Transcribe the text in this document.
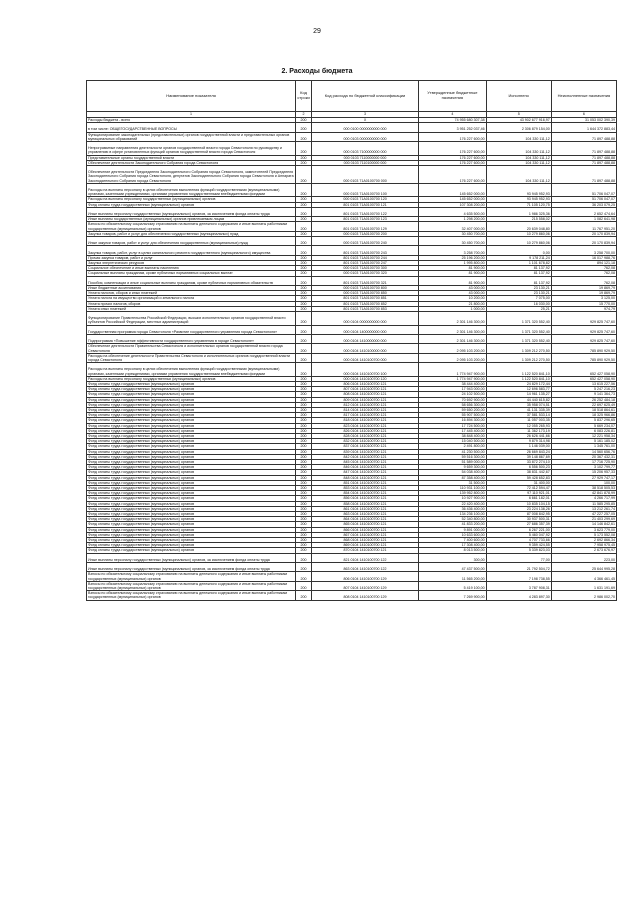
29
2. Расходы бюджета
Наименование показателя	Код строки	Код расхода по бюджетной классификации	Утвержденные бюджетные назначения	Исполнено	Неисполненные назначения
1	2	3	4	5	6
Расходы бюджета - всего	200	X	74 955 680 307,38	43 902 677 916,97	31 053 002 390,39
в том числе: ОБЩЕГОСУДАРСТВЕННЫЕ ВОПРОСЫ	200	000 0100 0000000000 000	3 951 252 037,46	2 306 879 154,00	1 644 372 883,44
Функционирование законодательных (представительных) органов государственной власти и представительных органов муниципальных образований	200	000 0103 0000000000 000	176 227 600,00	104 330 111,12	71 897 488,88
Непрограммные направления деятельности органов государственной власти города Севастополя по руководству и управлению в сфере установленных функций органов государственной власти города Севастополя	200	000 0103 7100000000 000	176 227 600,00	104 330 111,12	71 897 488,88
Представительные органы государственной власти	200	000 0103 7110000000 000	176 227 600,00	104 330 111,12	71 897 488,88
Обеспечение деятельности Законодательного Собрания города Севастополя	200	000 0103 7110100000 000	176 227 600,00	104 330 111,12	71 897 488,88
Обеспечение деятельности Председателя Законодательного Собрания города Севастополя, заместителей Председателя Законодательного Собрания города Севастополя, депутатов Законодательного Собрания города Севастополя и Аппарата Законодательного Собрания города Севастополя	200	000 0103 71А0100700 000	176 227 600,00	104 330 111,12	71 897 488,88
Расходы на выплаты персоналу в целях обеспечения выполнения функций государственными (муниципальными) органами, казенными учреждениями, органами управления государственными внебюджетными фондами	200	000 0103 71А0100700 100	145 652 000,00	93 945 952,93	51 706 047,07
Расходы на выплаты персоналу государственных (муниципальных) органов	200	000 0103 71А0100700 120	145 652 000,00	93 945 952,93	51 706 047,07
Фонд оплаты труда государственных (муниципальных) органов	200	801 0103 71А0100700 121	107 308 200,00	71 105 120,75	36 203 079,25
Иные выплаты персоналу государственных (муниципальных) органов, за исключением фонда оплаты труда	200	801 0103 71А0100700 122	4 635 500,00	1 986 325,36	2 652 474,64
Иные выплаты государственных (муниципальных) органов привлекаемым лицам	200	801 0103 71А0100700 123	1 298 200,00	215 558,02	1 082 641,98
Взносы по обязательному социальному страхованию на выплаты денежного содержания и иные выплаты работникам государственных (муниципальных) органов	200	801 0103 71А0100700 129	32 407 000,00	20 639 048,80	11 767 951,20
Закупка товаров, работ и услуг для обеспечения государственных (муниципальных) нужд	200	000 0103 71А0100700 200	30 450 700,00	10 279 860,06	20 170 839,94
Иные закупки товаров, работ и услуг для обеспечения государственных (муниципальных) нужд	200	000 0103 71А0100700 240	30 450 700,00	10 279 860,06	20 170 839,94
Закупка товаров, работ, услуг в целях капитального ремонта государственного (муниципального) имущества	200	801 0103 71А0100700 243	3 258 700,00	0,00	3 258 700,00
Прочая закупка товаров, работ и услуг	200	801 0103 71А0100700 244	25 196 200,00	9 178 211,24	16 017 988,76
Закупка энергетических ресурсов	200	801 0103 71А0100700 247	1 995 800,00	1 101 678,82	894 121,18
Социальное обеспечение и иные выплаты населению	200	000 0103 71А0100700 300	81 900,00	81 137,92	762,08
Социальные выплаты гражданам, кроме публичных нормативных социальных выплат	200	000 0103 71А0100700 320	81 900,00	81 137,92	762,08
Пособия, компенсации и иные социальные выплаты гражданам, кроме публичных нормативных обязательств	200	801 0103 71А0100700 321	81 900,00	81 137,92	762,08
Иные бюджетные ассигнования	200	000 0103 71А0100700 800	43 000,00	23 130,21	19 869,79
Уплата налогов, сборов и иных платежей	200	000 0103 71А0100700 850	43 000,00	23 130,21	19 869,79
Уплата налога на имущество организаций и земельного налога	200	801 0103 71А0100700 851	10 200,00	7 075,00	3 125,00
Уплата прочих налогов, сборов	200	801 0103 71А0100700 852	21 800,00	16 030,00	15 770,00
Уплата иных платежей	200	801 0103 71А0100700 853	1 000,00	25,21	974,79
Функционирование Правительства Российской Федерации, высших исполнительных органов государственной власти субъектов Российской Федерации, местных администраций	200	000 0104 0000000000 000	2 301 146 300,00	1 371 320 552,40	929 825 747,60
Государственная программа города Севастополя «Развитие государственного управления города Севастополя»	200	000 0104 1400000000 000	2 301 146 300,00	1 371 320 552,40	929 825 747,60
Подпрограмма «Повышение эффективности государственного управления в городе Севастополе»	200	000 0104 1410000000 000	2 301 146 300,00	1 371 320 552,40	929 825 747,60
Обеспечение деятельности Правительства Севастополя и исполнительных органов государственной власти города Севастополя	200	000 0104 1410100000 000	2 095 103 200,00	1 309 212 270,50	785 890 929,50
Расходы на обеспечение деятельности Правительства Севастополя и исполнительных органов государственной власти города Севастополя	200	000 0104 1410100700 000	2 095 103 200,00	1 309 212 270,50	785 890 929,50
Расходы на выплаты персоналу в целях обеспечения выполнения функций государственными (муниципальными) органами, казенными учреждениями, органами управления государственными внебюджетными фондами	200	000 0104 1410100700 100	1 774 947 900,00	1 122 520 841,10	652 427 058,90
Расходы на выплаты персоналу государственных (муниципальных) органов	200	000 0104 1410100700 120	1 774 947 900,00	1 122 520 841,10	652 427 058,90
Фонд оплаты труда государственных (муниципальных) органов	200	806 0104 1410100700 121	38 444 400,00	24 829 172,44	13 615 227,56
Фонд оплаты труда государственных (муниципальных) органов	200	807 0104 1410100700 121	17 943 000,00	12 696 583,77	5 247 216,23
Фонд оплаты труда государственных (муниципальных) органов	200	808 0104 1410100700 121	24 102 500,00	14 961 135,27	9 141 364,73
Фонд оплаты труда государственных (муниципальных) органов	200	809 0104 1410100700 121	70 692 900,00	44 440 615,82	26 252 484,18
Фонд оплаты труда государственных (муниципальных) органов	200	812 0104 1410100700 121	58 656 300,00	35 958 074,51	22 697 625,49
Фонд оплаты труда государственных (муниципальных) органов	200	814 0104 1410100700 121	59 650 200,00	41 131 335,39	18 518 864,61
Фонд оплаты труда государственных (муниципальных) органов	200	817 0104 1410100700 121	55 907 500,00	37 581 533,14	18 325 966,86
Фонд оплаты труда государственных (муниципальных) органов	200	818 0104 1410100700 121	16 894 300,00	11 057 003,35	5 837 296,65
Фонд оплаты труда государственных (муниципальных) органов	200	823 0104 1410100700 121	17 724 500,00	12 055 265,93	5 669 234,07
Фонд оплаты труда государственных (муниципальных) органов	200	826 0104 1410100700 121	17 445 400,00	11 362 173,19	6 083 226,81
Фонд оплаты труда государственных (муниципальных) органов	200	828 0104 1410100700 121	38 848 400,00	26 626 441,66	12 221 958,34
Фонд оплаты труда государственных (муниципальных) органов	200	832 0104 1410100700 121	15 040 500,00	9 879 314,98	5 161 185,02
Фонд оплаты труда государственных (муниципальных) органов	200	837 0104 1410100700 121	2 491 800,00	1 146 039,00	1 345 761,00
Фонд оплаты труда государственных (муниципальных) органов	200	839 0104 1410100700 121	41 230 500,00	26 669 843,24	14 560 656,76
Фонд оплаты труда государственных (муниципальных) органов	200	842 0104 1410100700 121	59 516 300,00	39 148 867,69	20 367 432,31
Фонд оплаты труда государственных (муниципальных) органов	200	845 0104 1410100700 121	51 589 000,00	33 872 274,10	17 716 725,90
Фонд оплаты труда государственных (муниципальных) органов	200	846 0104 1410100700 121	9 659 300,00	6 556 500,23	3 102 799,77
Фонд оплаты труда государственных (муниципальных) органов	200	847 0104 1410100700 121	54 038 400,00	38 831 442,67	15 206 957,33
Фонд оплаты труда государственных (муниципальных) органов	200	848 0104 1410100700 121	87 358 400,00	59 428 652,83	27 929 747,17
Фонд оплаты труда государственных (муниципальных) органов	200	851 0104 1410100700 121	31 500,00	31 400,00	100,00
Фонд оплаты труда государственных (муниципальных) органов	200	853 0104 1410100700 121	110 931 100,00	72 412 594,47	38 518 505,53
Фонд оплаты труда государственных (муниципальных) органов	200	854 0104 1410100700 121	139 952 800,00	97 110 921,01	42 841 878,99
Фонд оплаты труда государственных (муниципальных) органов	200	856 0104 1410100700 121	10 927 900,00	6 661 182,01	4 266 717,99
Фонд оплаты труда государственных (муниципальных) органов	200	858 0104 1410100700 121	22 420 400,00	10 835 104,15	11 585 295,85
Фонд оплаты труда государственных (муниципальных) органов	200	861 0104 1410100700 121	36 436 400,00	23 224 138,26	13 212 261,74
Фонд оплаты труда государственных (муниципальных) органов	200	863 0104 1410100700 121	134 236 100,00	87 008 842,95	47 227 257,05
Фонд оплаты труда государственных (муниципальных) органов	200	864 0104 1410100700 121	52 340 800,00	30 937 500,31	21 403 299,69
Фонд оплаты труда государственных (муниципальных) органов	200	865 0104 1410100700 121	41 833 200,00	27 686 357,39	14 146 842,61
Фонд оплаты труда государственных (муниципальных) органов	200	866 0104 1410100700 121	9 891 000,00	6 267 221,00	3 623 779,00
Фонд оплаты труда государственных (муниципальных) органов	200	867 0104 1410100700 121	10 633 600,00	5 460 047,92	5 173 552,08
Фонд оплаты труда государственных (муниципальных) органов	200	868 0104 1410100700 121	7 400 600,00	4 707 733,66	2 692 866,34
Фонд оплаты труда государственных (муниципальных) органов	200	869 0104 1410100700 121	17 308 400,00	9 359 424,55	7 958 975,45
Фонд оплаты труда государственных (муниципальных) органов	200	870 0104 1410100700 121	8 013 500,00	5 339 823,03	2 673 676,97
Иные выплаты персоналу государственных (муниципальных) органов, за исключением фонда оплаты труда	200	821 0104 1410100700 122	300,00	77,00	223,00
Иные выплаты персоналу государственных (муниципальных) органов, за исключением фонда оплаты труда	200	863 0104 1410100700 122	47 437 500,00	21 792 504,72	25 644 995,28
Взносы по обязательному социальному страхованию на выплаты денежного содержания и иные выплаты работникам государственных (муниципальных) органов	200	806 0104 1410100700 129	11 565 200,00	7 198 738,55	4 366 461,45
Взносы по обязательному социальному страхованию на выплаты денежного содержания и иные выплаты работникам государственных (муниципальных) органов	200	807 0104 1410100700 129	5 419 100,00	3 787 908,31	1 631 191,69
Взносы по обязательному социальному страхованию на выплаты денежного содержания и иные выплаты работникам государственных (муниципальных) органов	200	808 0104 1410100700 129	7 269 900,00	4 283 897,30	2 986 002,70
